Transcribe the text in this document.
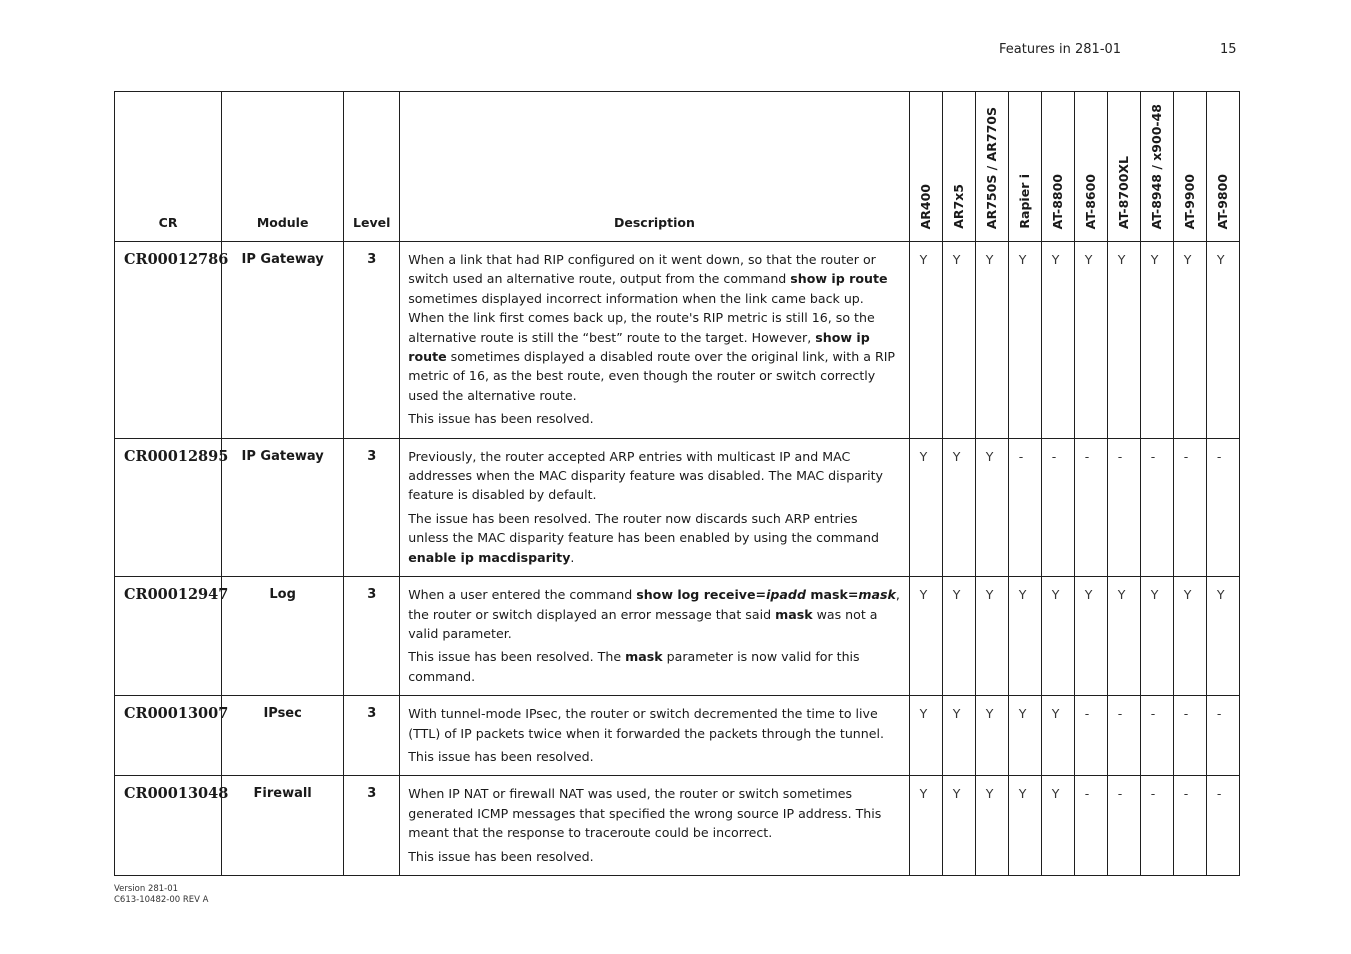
Features in 281-01	15
CR	Module	Level	Description	AR400	AR7x5	AR750S / AR770S	Rapier i	AT-8800	AT-8600	AT-8700XL	AT-8948 / x900-48	AT-9900	AT-9800
CR00012786	IP Gateway	3	When a link that had RIP configured on it went down, so that the router or switch used an alternative route, output from the command show ip route sometimes displayed incorrect information when the link came back up. When the link first comes back up, the route's RIP metric is still 16, so the alternative route is still the “best” route to the target. However, show ip route sometimes displayed a disabled route over the original link, with a RIP metric of 16, as the best route, even though the router or switch correctly used the alternative route.

This issue has been resolved.	Y	Y	Y	Y	Y	Y	Y	Y	Y	Y
CR00012895	IP Gateway	3	Previously, the router accepted ARP entries with multicast IP and MAC addresses when the MAC disparity feature was disabled. The MAC disparity feature is disabled by default.

The issue has been resolved. The router now discards such ARP entries unless the MAC disparity feature has been enabled by using the command enable ip macdisparity.	Y	Y	Y	-	-	-	-	-	-	-
CR00012947	Log	3	When a user entered the command show log receive=ipadd mask=mask, the router or switch displayed an error message that said mask was not a valid parameter.

This issue has been resolved. The mask parameter is now valid for this command.	Y	Y	Y	Y	Y	Y	Y	Y	Y	Y
CR00013007	IPsec	3	With tunnel-mode IPsec, the router or switch decremented the time to live (TTL) of IP packets twice when it forwarded the packets through the tunnel.

This issue has been resolved.	Y	Y	Y	Y	Y	-	-	-	-	-
CR00013048	Firewall	3	When IP NAT or firewall NAT was used, the router or switch sometimes generated ICMP messages that specified the wrong source IP address. This meant that the response to traceroute could be incorrect.

This issue has been resolved.	Y	Y	Y	Y	Y	-	-	-	-	-
Version 281-01
C613-10482-00 REV A
